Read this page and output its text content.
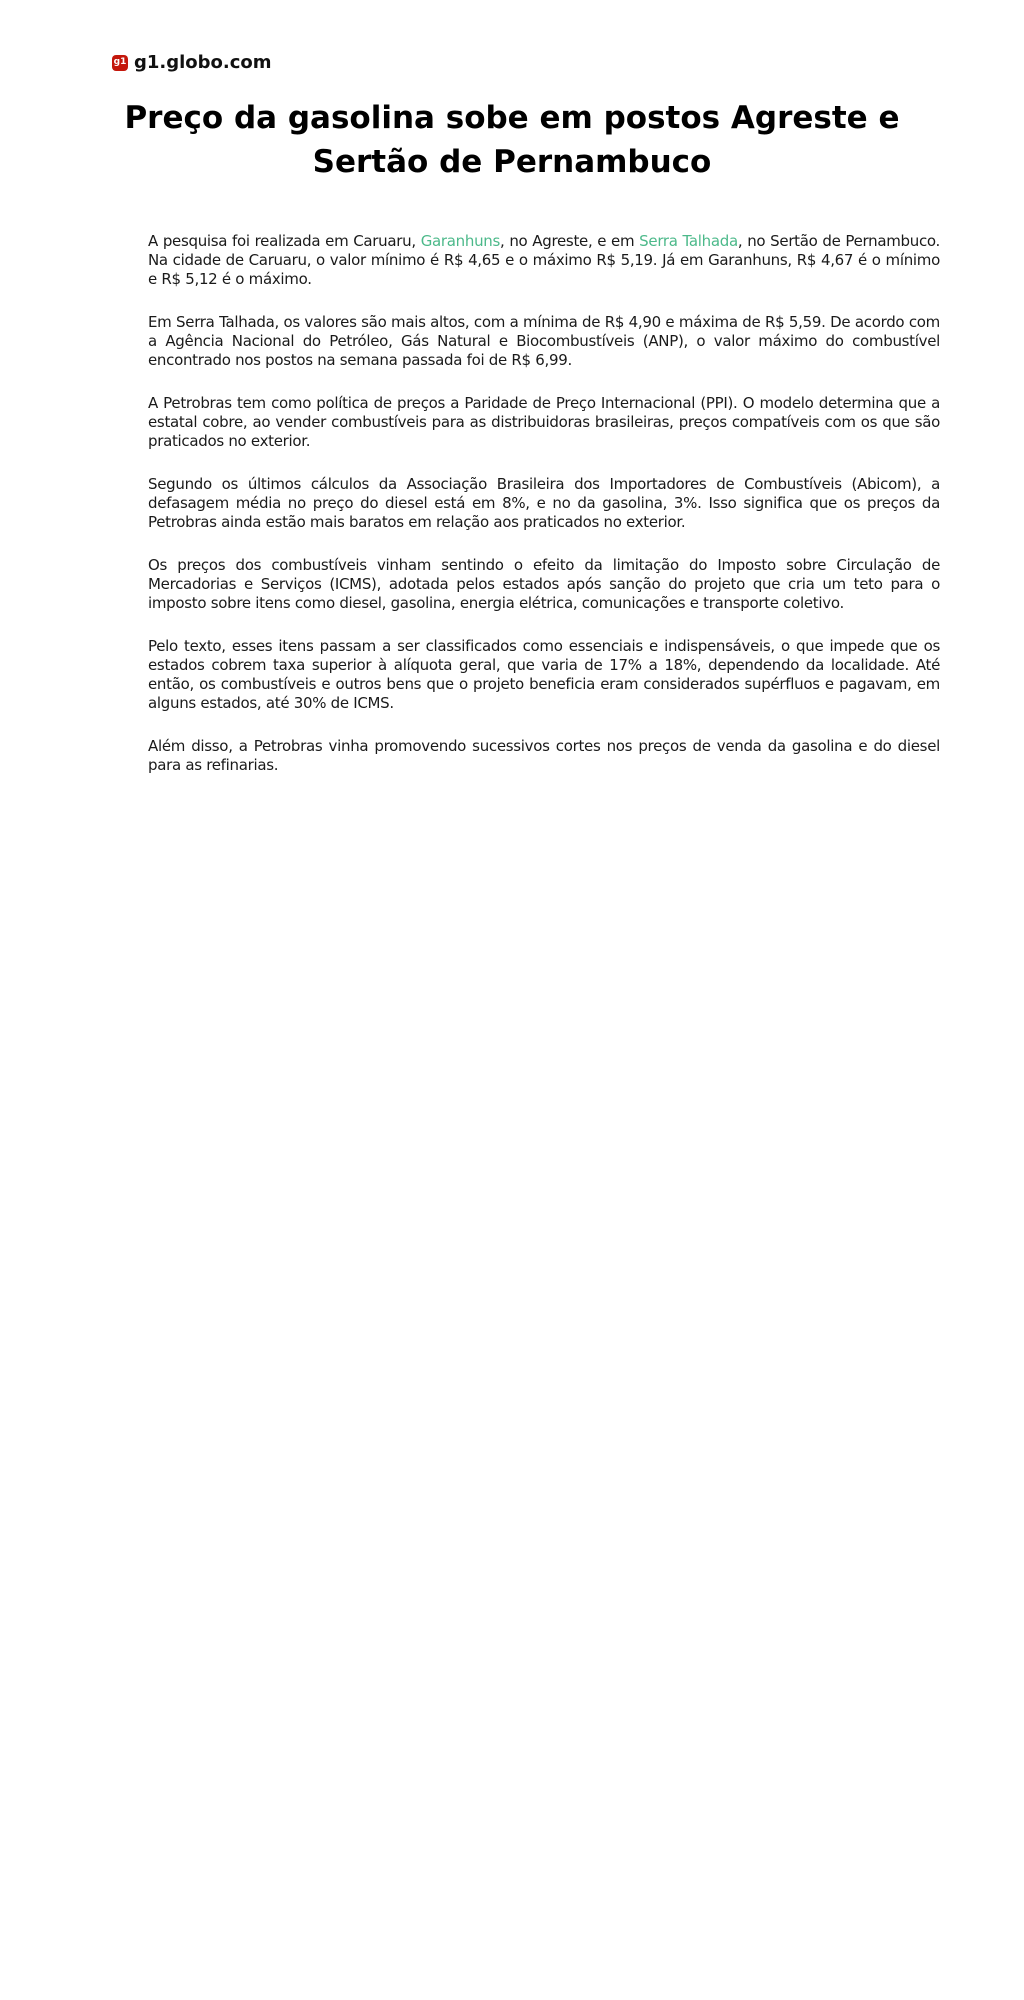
g1 g1.globo.com
Preço da gasolina sobe em postos Agreste e Sertão de Pernambuco

A pesquisa foi realizada em Caruaru, Garanhuns, no Agreste, e em Serra Talhada, no Sertão de Pernambuco. Na cidade de Caruaru, o valor mínimo é R$ 4,65 e o máximo R$ 5,19. Já em Garanhuns, R$ 4,67 é o mínimo e R$ 5,12 é o máximo.

Em Serra Talhada, os valores são mais altos, com a mínima de R$ 4,90 e máxima de R$ 5,59. De acordo com a Agência Nacional do Petróleo, Gás Natural e Biocombustíveis (ANP), o valor máximo do combustível encontrado nos postos na semana passada foi de R$ 6,99.

A Petrobras tem como política de preços a Paridade de Preço Internacional (PPI). O modelo determina que a estatal cobre, ao vender combustíveis para as distribuidoras brasileiras, preços compatíveis com os que são praticados no exterior.

Segundo os últimos cálculos da Associação Brasileira dos Importadores de Combustíveis (Abicom), a defasagem média no preço do diesel está em 8%, e no da gasolina, 3%. Isso significa que os preços da Petrobras ainda estão mais baratos em relação aos praticados no exterior.

Os preços dos combustíveis vinham sentindo o efeito da limitação do Imposto sobre Circulação de Mercadorias e Serviços (ICMS), adotada pelos estados após sanção do projeto que cria um teto para o imposto sobre itens como diesel, gasolina, energia elétrica, comunicações e transporte coletivo.

Pelo texto, esses itens passam a ser classificados como essenciais e indispensáveis, o que impede que os estados cobrem taxa superior à alíquota geral, que varia de 17% a 18%, dependendo da localidade. Até então, os combustíveis e outros bens que o projeto beneficia eram considerados supérfluos e pagavam, em alguns estados, até 30% de ICMS.

Além disso, a Petrobras vinha promovendo sucessivos cortes nos preços de venda da gasolina e do diesel para as refinarias.
